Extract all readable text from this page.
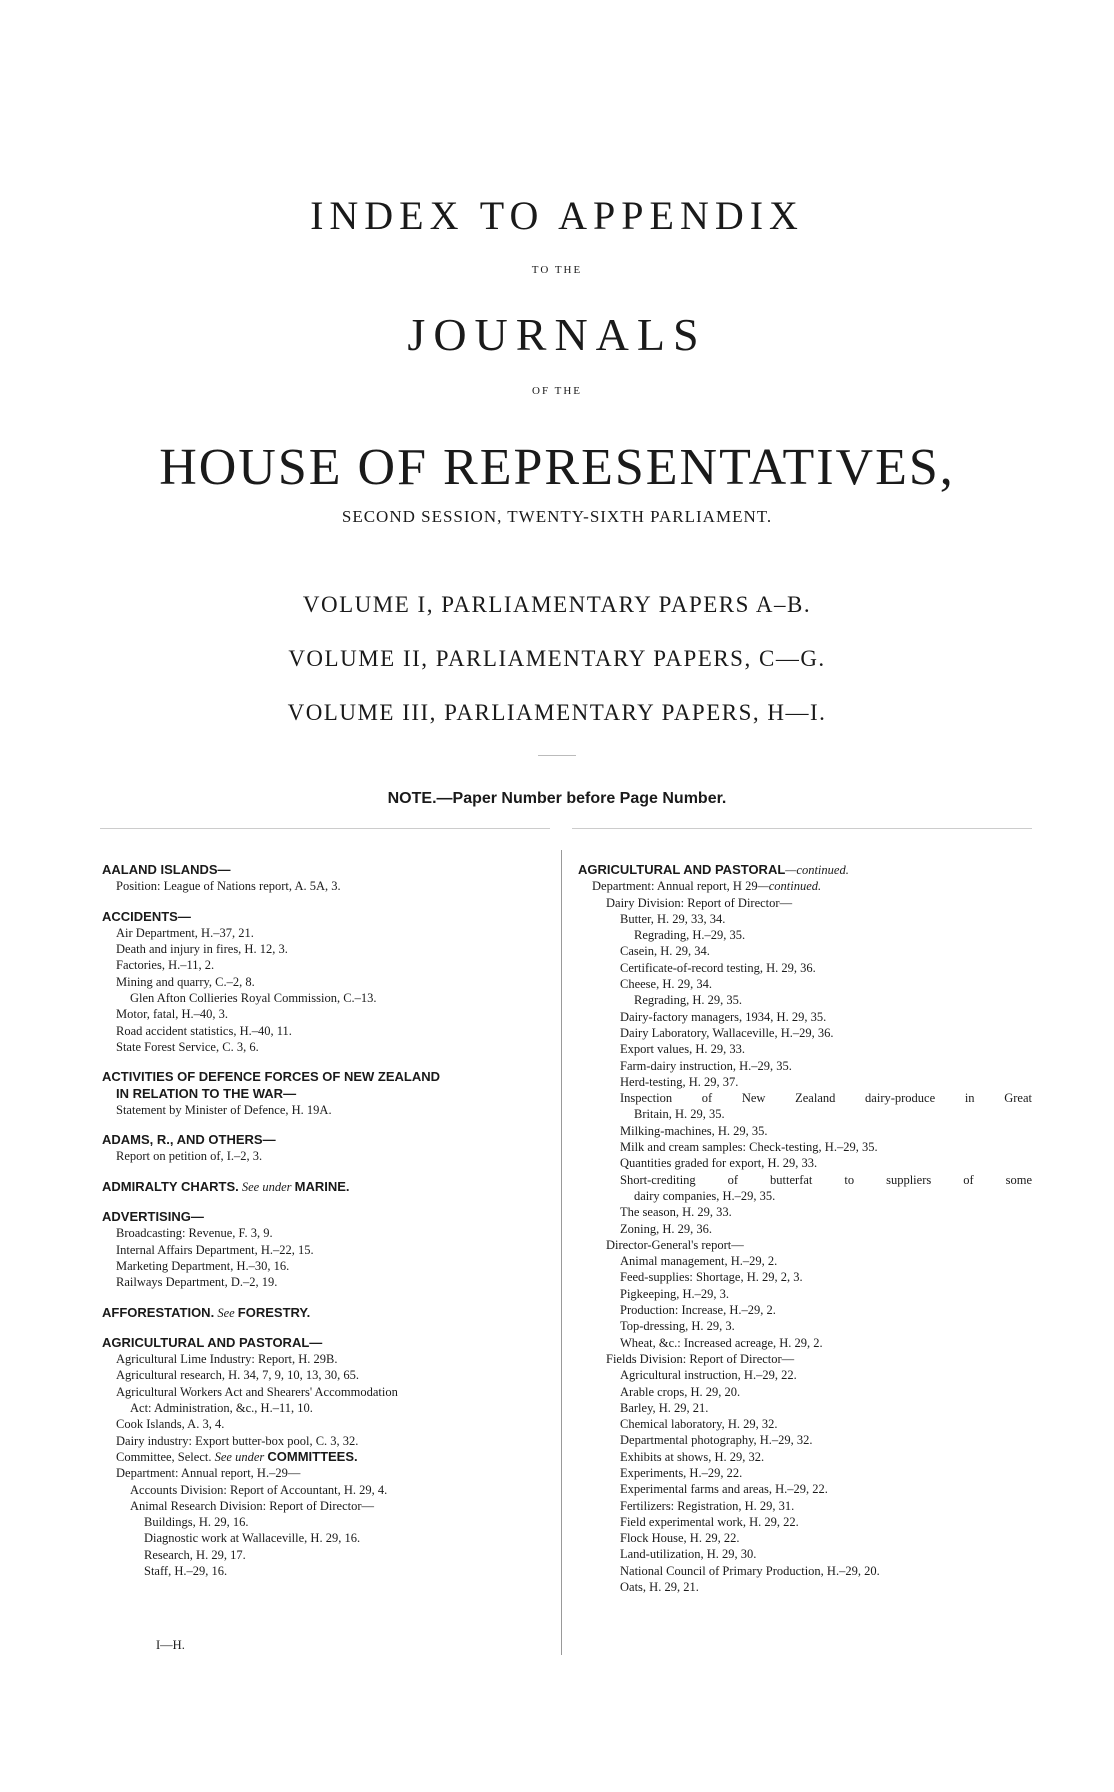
INDEX TO APPENDIX
TO THE
JOURNALS
OF THE
HOUSE OF REPRESENTATIVES,
SECOND SESSION, TWENTY-SIXTH PARLIAMENT.
VOLUME I, PARLIAMENTARY PAPERS A–B.
VOLUME II, PARLIAMENTARY PAPERS, C—G.
VOLUME III, PARLIAMENTARY PAPERS, H—I.
NOTE.—Paper Number before Page Number.
AALAND ISLANDS—
Position: League of Nations report, A. 5A, 3.
ACCIDENTS—
Air Department, H.–37, 21.
Death and injury in fires, H. 12, 3.
Factories, H.–11, 2.
Mining and quarry, C.–2, 8.
Glen Afton Collieries Royal Commission, C.–13.
Motor, fatal, H.–40, 3.
Road accident statistics, H.–40, 11.
State Forest Service, C. 3, 6.
ACTIVITIES OF DEFENCE FORCES OF NEW ZEALAND
IN RELATION TO THE WAR—
Statement by Minister of Defence, H. 19A.
ADAMS, R., AND OTHERS—
Report on petition of, I.–2, 3.
ADMIRALTY CHARTS. See under MARINE.
ADVERTISING—
Broadcasting: Revenue, F. 3, 9.
Internal Affairs Department, H.–22, 15.
Marketing Department, H.–30, 16.
Railways Department, D.–2, 19.
AFFORESTATION. See FORESTRY.
AGRICULTURAL AND PASTORAL—
Agricultural Lime Industry: Report, H. 29B.
Agricultural research, H. 34, 7, 9, 10, 13, 30, 65.
Agricultural Workers Act and Shearers' Accommodation
Act: Administration, &c., H.–11, 10.
Cook Islands, A. 3, 4.
Dairy industry: Export butter-box pool, C. 3, 32.
Committee, Select. See under COMMITTEES.
Department: Annual report, H.–29—
Accounts Division: Report of Accountant, H. 29, 4.
Animal Research Division: Report of Director—
Buildings, H. 29, 16.
Diagnostic work at Wallaceville, H. 29, 16.
Research, H. 29, 17.
Staff, H.–29, 16.
I—H.
AGRICULTURAL AND PASTORAL—continued.
Department: Annual report, H 29—continued.
Dairy Division: Report of Director—
Butter, H. 29, 33, 34.
Regrading, H.–29, 35.
Casein, H. 29, 34.
Certificate-of-record testing, H. 29, 36.
Cheese, H. 29, 34.
Regrading, H. 29, 35.
Dairy-factory managers, 1934, H. 29, 35.
Dairy Laboratory, Wallaceville, H.–29, 36.
Export values, H. 29, 33.
Farm-dairy instruction, H.–29, 35.
Herd-testing, H. 29, 37.
Inspection of New Zealand dairy-produce in Great
Britain, H. 29, 35.
Milking-machines, H. 29, 35.
Milk and cream samples: Check-testing, H.–29, 35.
Quantities graded for export, H. 29, 33.
Short-crediting of butterfat to suppliers of some
dairy companies, H.–29, 35.
The season, H. 29, 33.
Zoning, H. 29, 36.
Director-General's report—
Animal management, H.–29, 2.
Feed-supplies: Shortage, H. 29, 2, 3.
Pigkeeping, H.–29, 3.
Production: Increase, H.–29, 2.
Top-dressing, H. 29, 3.
Wheat, &c.: Increased acreage, H. 29, 2.
Fields Division: Report of Director—
Agricultural instruction, H.–29, 22.
Arable crops, H. 29, 20.
Barley, H. 29, 21.
Chemical laboratory, H. 29, 32.
Departmental photography, H.–29, 32.
Exhibits at shows, H. 29, 32.
Experiments, H.–29, 22.
Experimental farms and areas, H.–29, 22.
Fertilizers: Registration, H. 29, 31.
Field experimental work, H. 29, 22.
Flock House, H. 29, 22.
Land-utilization, H. 29, 30.
National Council of Primary Production, H.–29, 20.
Oats, H. 29, 21.
